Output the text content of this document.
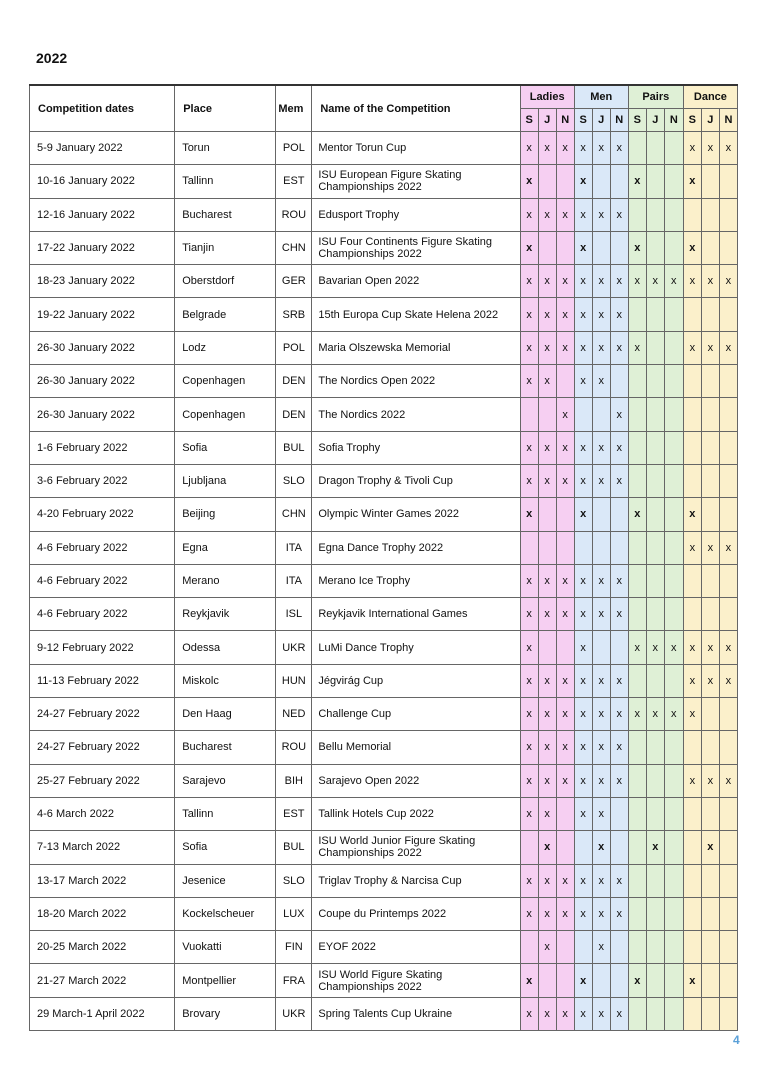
2022
Competition dates	Place	Mem	Name of the Competition	Ladies			Men			Pairs			Dance		
				S	J	N	S	J	N	S	J	N	S	J	N
5-9 January 2022	Torun	POL	Mentor Torun Cup	x	x	x	x	x	x				x	x	x
10-16 January 2022	Tallinn	EST	ISU European Figure Skating Championships 2022	x			x			x			x		
12-16 January 2022	Bucharest	ROU	Edusport Trophy	x	x	x	x	x	x						
17-22 January 2022	Tianjin	CHN	ISU Four Continents Figure Skating Championships 2022	x			x			x			x		
18-23 January 2022	Oberstdorf	GER	Bavarian Open 2022	x	x	x	x	x	x	x	x	x	x	x	x
19-22 January 2022	Belgrade	SRB	15th Europa Cup Skate Helena 2022	x	x	x	x	x	x						
26-30 January 2022	Lodz	POL	Maria Olszewska Memorial	x	x	x	x	x	x	x			x	x	x
26-30 January 2022	Copenhagen	DEN	The Nordics Open 2022	x	x		x	x							
26-30 January 2022	Copenhagen	DEN	The Nordics 2022			x			x						
1-6 February 2022	Sofia	BUL	Sofia Trophy	x	x	x	x	x	x						
3-6 February 2022	Ljubljana	SLO	Dragon Trophy & Tivoli Cup	x	x	x	x	x	x						
4-20 February 2022	Beijing	CHN	Olympic Winter Games 2022	x			x			x			x		
4-6 February 2022	Egna	ITA	Egna Dance Trophy 2022										x	x	x
4-6 February 2022	Merano	ITA	Merano Ice Trophy	x	x	x	x	x	x						
4-6 February 2022	Reykjavik	ISL	Reykjavik International Games	x	x	x	x	x	x						
9-12 February 2022	Odessa	UKR	LuMi Dance Trophy	x			x			x	x	x	x	x	x
11-13 February 2022	Miskolc	HUN	Jégvirág Cup	x	x	x	x	x	x				x	x	x
24-27 February 2022	Den Haag	NED	Challenge Cup	x	x	x	x	x	x	x	x	x	x		
24-27 February 2022	Bucharest	ROU	Bellu Memorial	x	x	x	x	x	x						
25-27 February 2022	Sarajevo	BIH	Sarajevo Open 2022	x	x	x	x	x	x				x	x	x
4-6 March 2022	Tallinn	EST	Tallink Hotels Cup 2022	x	x		x	x							
7-13 March 2022	Sofia	BUL	ISU World Junior Figure Skating Championships 2022		x			x			x			x	
13-17 March 2022	Jesenice	SLO	Triglav Trophy & Narcisa Cup	x	x	x	x	x	x						
18-20 March 2022	Kockelscheuer	LUX	Coupe du Printemps 2022	x	x	x	x	x	x						
20-25 March 2022	Vuokatti	FIN	EYOF 2022		x			x							
21-27 March 2022	Montpellier	FRA	ISU World Figure Skating Championships 2022	x			x			x			x		
29 March-1 April 2022	Brovary	UKR	Spring Talents Cup Ukraine	x	x	x	x	x	x						
4
